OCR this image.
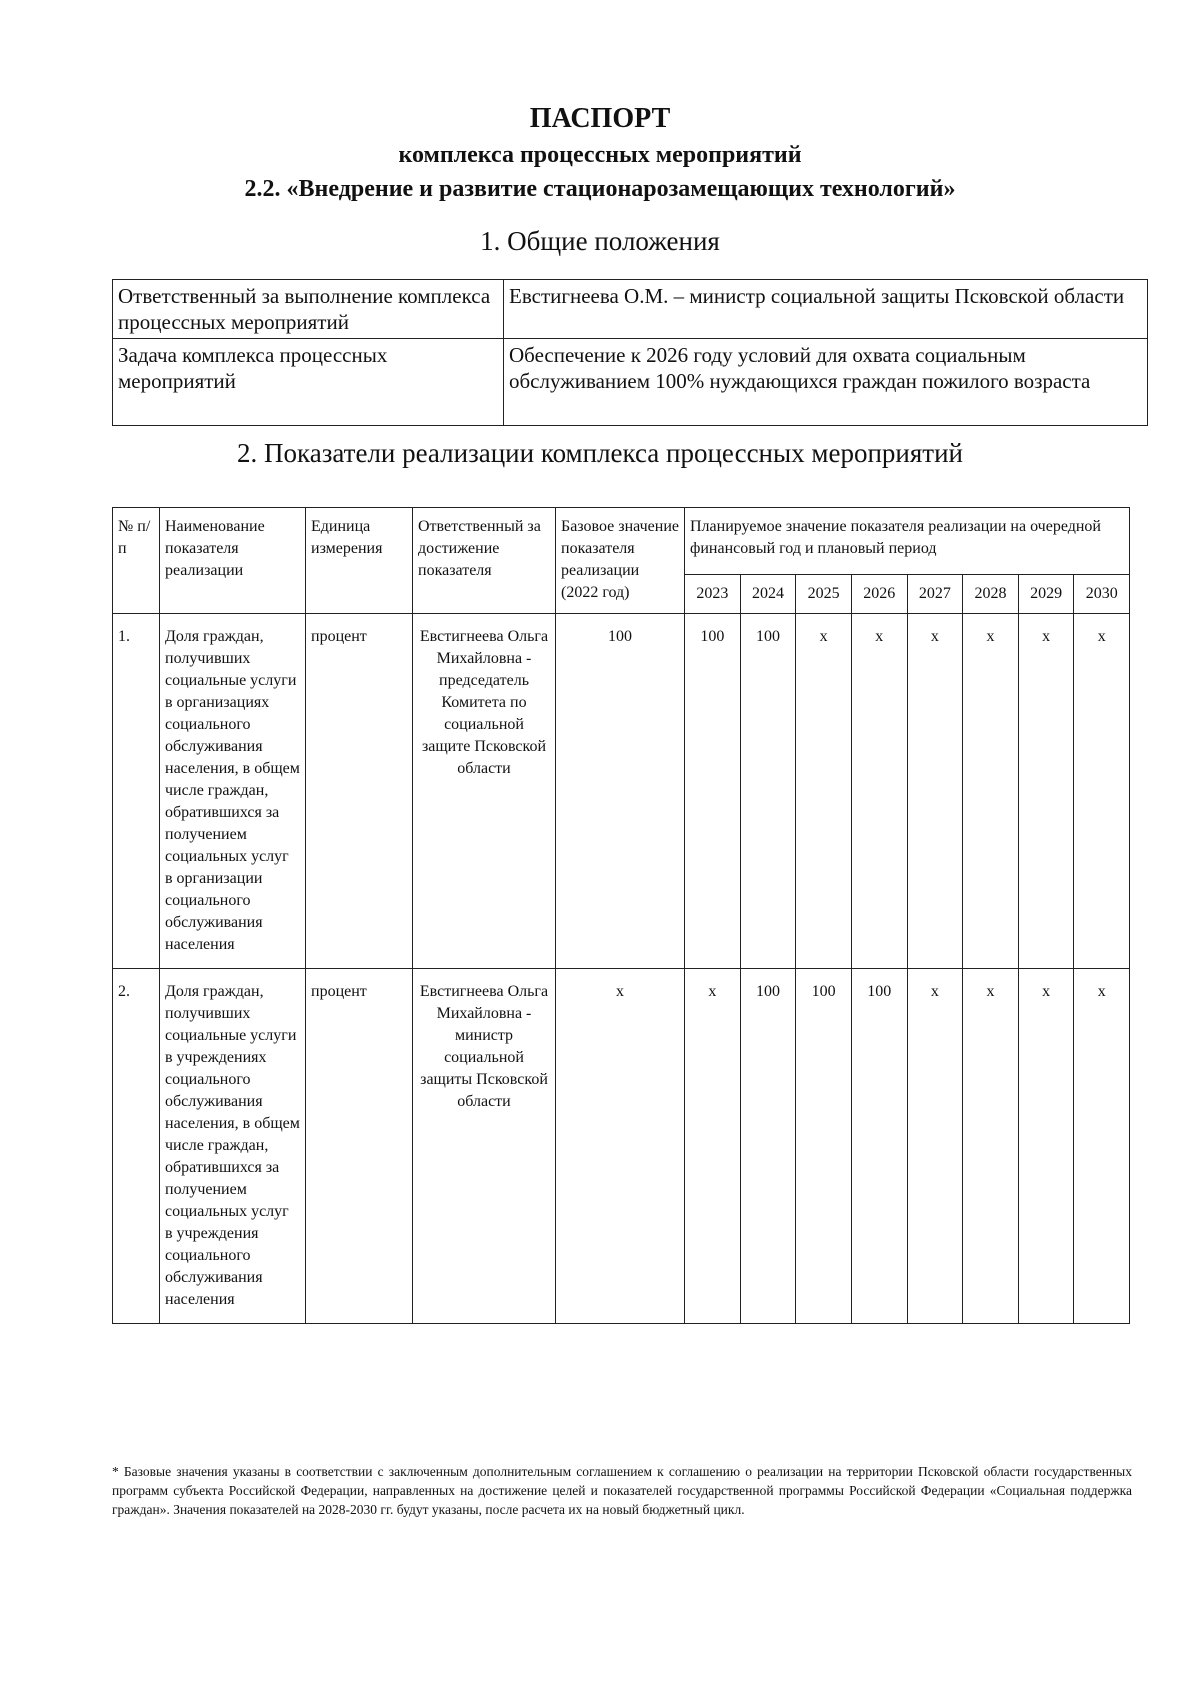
ПАСПОРТ
комплекса процессных мероприятий
2.2. «Внедрение и развитие стационарозамещающих технологий»
1. Общие положения
Ответственный за выполнение комплекса процессных мероприятий	Евстигнеева О.М. – министр социальной защиты Псковской области
Задача комплекса процессных мероприятий	Обеспечение к 2026 году условий для охвата социальным обслуживанием 100% нуждающихся граждан пожилого возраста
2. Показатели реализации комплекса процессных мероприятий
№ п/п	Наименование показателя реализации	Единица измерения	Ответственный за достижение показателя	Базовое значение показателя реализации (2022 год)	Планируемое значение показателя реализации на очередной финансовый год и плановый период							
					2023	2024	2025	2026	2027	2028	2029	2030
1.	Доля граждан, получивших социальные услуги в организациях социального обслуживания населения, в общем числе граждан, обратившихся за получением социальных услуг в организации социального обслуживания населения	процент	Евстигнеева Ольга Михайловна - председатель Комитета по социальной защите Псковской области	100	100	100	x	x	x	x	x	x
2.	Доля граждан, получивших социальные услуги в учреждениях социального обслуживания населения, в общем числе граждан, обратившихся за получением социальных услуг в учреждения социального обслуживания населения	процент	Евстигнеева Ольга Михайловна - министр социальной защиты Псковской области	x	x	100	100	100	x	x	x	x
* Базовые значения указаны в соответствии с заключенным дополнительным соглашением к соглашению о реализации на территории Псковской области государственных программ субъекта Российской Федерации, направленных на достижение целей и показателей государственной программы Российской Федерации «Социальная поддержка граждан». Значения показателей на 2028-2030 гг. будут указаны, после расчета их на новый бюджетный цикл.
